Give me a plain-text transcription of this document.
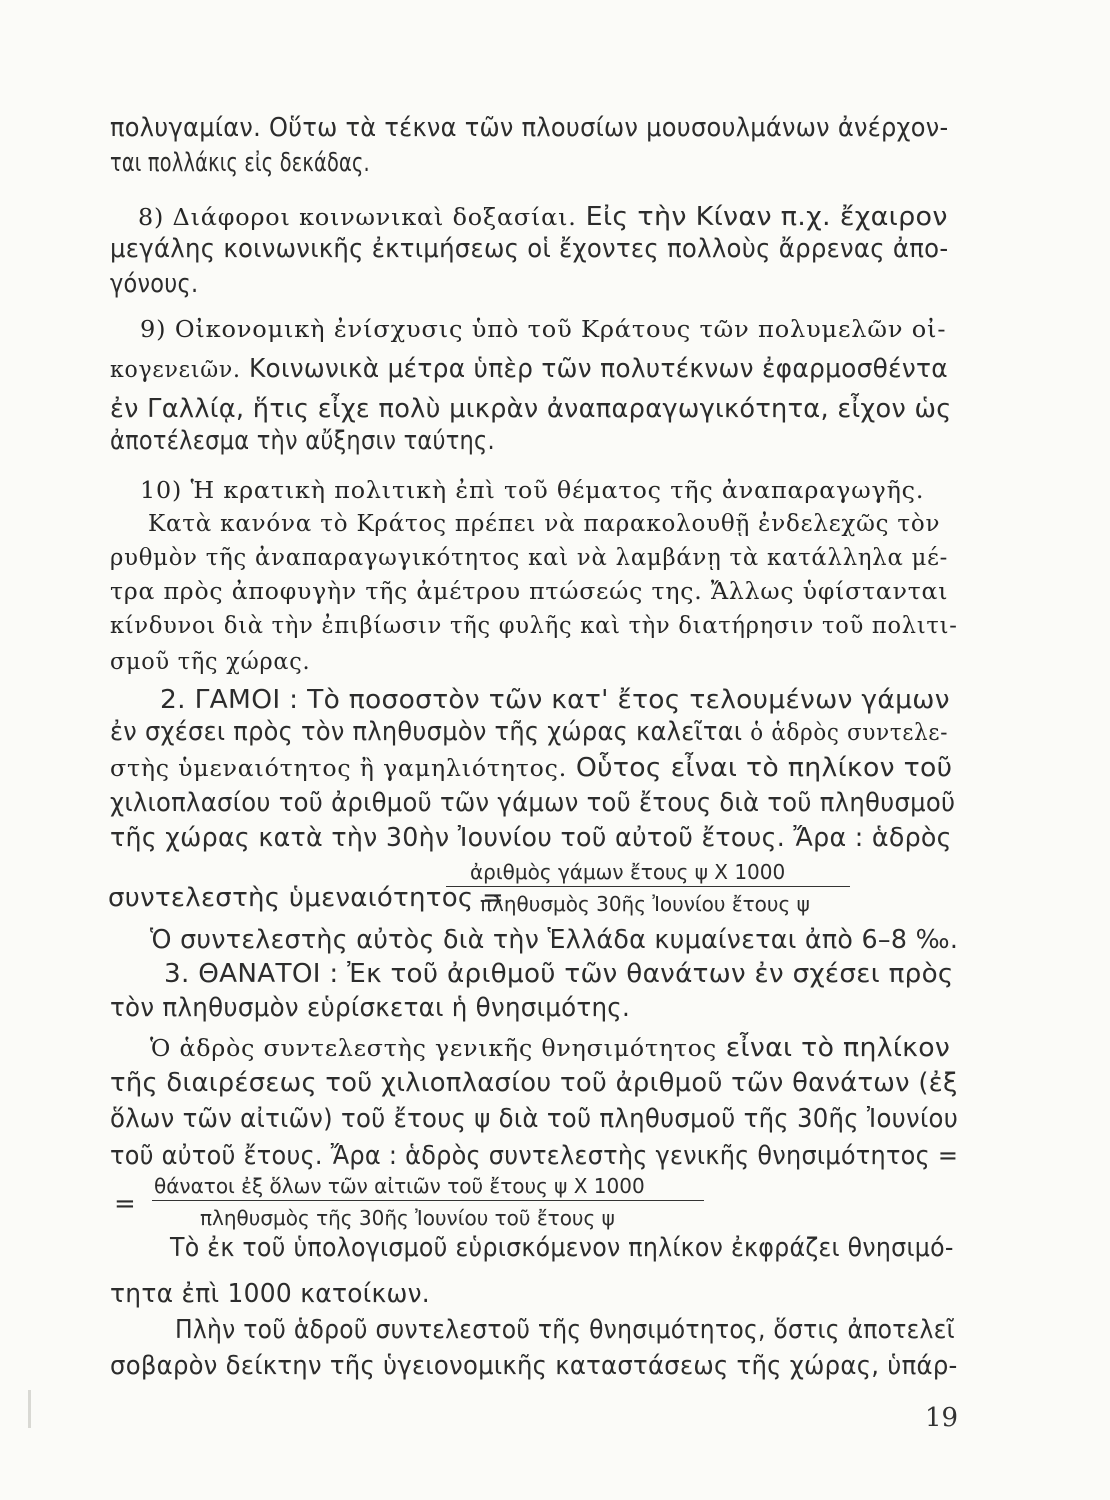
πολυγαμίαν. Οὕτω τὰ τέκνα τῶν πλουσίων μουσουλμάνων ἀνέρχον-
ται πολλάκις εἰς δεκάδας.
8) Διάφοροι κοινωνικαὶ δοξασίαι. Εἰς τὴν Κίναν π.χ. ἔχαιρον
μεγάλης κοινωνικῆς ἐκτιμήσεως οἱ ἔχοντες πολλοὺς ἄρρενας ἀπο-
γόνους.
9) Οἰκονομικὴ ἐνίσχυσις ὑπὸ τοῦ Κράτους τῶν πολυμελῶν οἰ-
κογενειῶν. Κοινωνικὰ μέτρα ὑπὲρ τῶν πολυτέκνων ἐφαρμοσθέντα
ἐν Γαλλίᾳ, ἥτις εἶχε πολὺ μικρὰν ἀναπαραγωγικότητα, εἶχον ὡς
ἀποτέλεσμα τὴν αὔξησιν ταύτης.
10) Ἡ κρατικὴ πολιτικὴ ἐπὶ τοῦ θέματος τῆς ἀναπαραγωγῆς.
Κατὰ κανόνα τὸ Κράτος πρέπει νὰ παρακολουθῇ ἐνδελεχῶς τὸν
ρυθμὸν τῆς ἀναπαραγωγικότητος καὶ νὰ λαμβάνῃ τὰ κατάλληλα μέ-
τρα πρὸς ἀποφυγὴν τῆς ἀμέτρου πτώσεώς της. Ἄλλως ὑφίστανται
κίνδυνοι διὰ τὴν ἐπιβίωσιν τῆς φυλῆς καὶ τὴν διατήρησιν τοῦ πολιτι-
σμοῦ τῆς χώρας.
2. ΓΑΜΟΙ : Τὸ ποσοστὸν τῶν κατ' ἔτος τελουμένων γάμων
ἐν σχέσει πρὸς τὸν πληθυσμὸν τῆς χώρας καλεῖται ὁ ἁδρὸς συντελε-
στὴς ὑμεναιότητος ἢ γαμηλιότητος. Οὗτος εἶναι τὸ πηλίκον τοῦ
χιλιοπλασίου τοῦ ἀριθμοῦ τῶν γάμων τοῦ ἔτους διὰ τοῦ πληθυσμοῦ
τῆς χώρας κατὰ τὴν 30ὴν Ἰουνίου τοῦ αὐτοῦ ἔτους. Ἄρα : ἁδρὸς
Ὁ συντελεστὴς αὐτὸς διὰ τὴν Ἑλλάδα κυμαίνεται ἀπὸ 6–8 ‰.
3. ΘΑΝΑΤΟΙ : Ἐκ τοῦ ἀριθμοῦ τῶν θανάτων ἐν σχέσει πρὸς
τὸν πληθυσμὸν εὑρίσκεται ἡ θνησιμότης.
Ὁ ἁδρὸς συντελεστὴς γενικῆς θνησιμότητος εἶναι τὸ πηλίκον
τῆς διαιρέσεως τοῦ χιλιοπλασίου τοῦ ἀριθμοῦ τῶν θανάτων (ἐξ
ὅλων τῶν αἰτιῶν) τοῦ ἔτους ψ διὰ τοῦ πληθυσμοῦ τῆς 30ῆς Ἰουνίου
τοῦ αὐτοῦ ἔτους. Ἄρα : ἁδρὸς συντελεστὴς γενικῆς θνησιμότητος =
Τὸ ἐκ τοῦ ὑπολογισμοῦ εὑρισκόμενον πηλίκον ἐκφράζει θνησιμό-
τητα ἐπὶ 1000 κατοίκων.
Πλὴν τοῦ ἁδροῦ συντελεστοῦ τῆς θνησιμότητος, ὅστις ἀποτελεῖ
σοβαρὸν δείκτην τῆς ὑγειονομικῆς καταστάσεως τῆς χώρας, ὑπάρ-
συντελεστὴς ὑμεναιότητος =
ἀριθμὸς γάμων ἔτους ψ Χ 1000
πληθυσμὸς 30ῆς Ἰουνίου ἔτους ψ
=
θάνατοι ἐξ ὅλων τῶν αἰτιῶν τοῦ ἔτους ψ Χ 1000
πληθυσμὸς τῆς 30ῆς Ἰουνίου τοῦ ἔτους ψ
19
